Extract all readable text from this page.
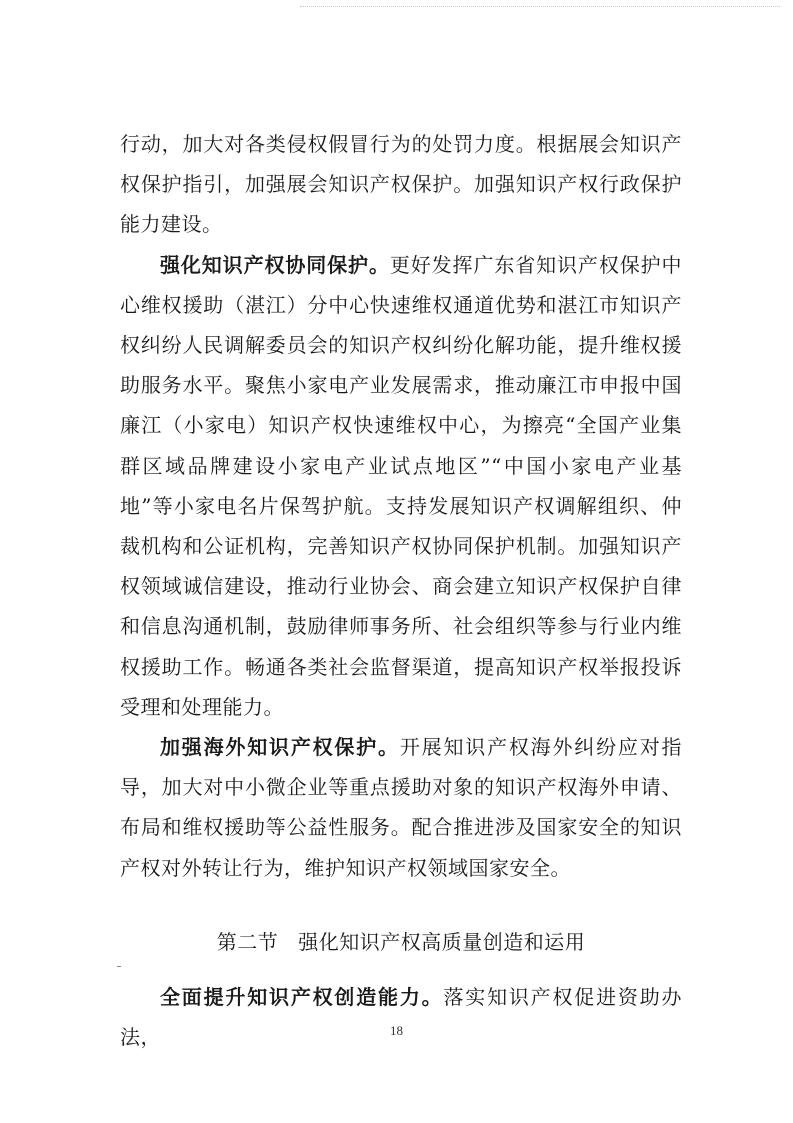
行动，加大对各类侵权假冒行为的处罚力度。根据展会知识产权保护指引，加强展会知识产权保护。加强知识产权行政保护能力建设。

强化知识产权协同保护。更好发挥广东省知识产权保护中心维权援助（湛江）分中心快速维权通道优势和湛江市知识产权纠纷人民调解委员会的知识产权纠纷化解功能，提升维权援助服务水平。聚焦小家电产业发展需求，推动廉江市申报中国廉江（小家电）知识产权快速维权中心，为擦亮“全国产业集群区域品牌建设小家电产业试点地区”“中国小家电产业基地”等小家电名片保驾护航。支持发展知识产权调解组织、仲裁机构和公证机构，完善知识产权协同保护机制。加强知识产权领域诚信建设，推动行业协会、商会建立知识产权保护自律和信息沟通机制，鼓励律师事务所、社会组织等参与行业内维权援助工作。畅通各类社会监督渠道，提高知识产权举报投诉受理和处理能力。

加强海外知识产权保护。开展知识产权海外纠纷应对指导，加大对中小微企业等重点援助对象的知识产权海外申请、布局和维权援助等公益性服务。配合推进涉及国家安全的知识产权对外转让行为，维护知识产权领域国家安全。

第二节 强化知识产权高质量创造和运用

全面提升知识产权创造能力。落实知识产权促进资助办法，	18
